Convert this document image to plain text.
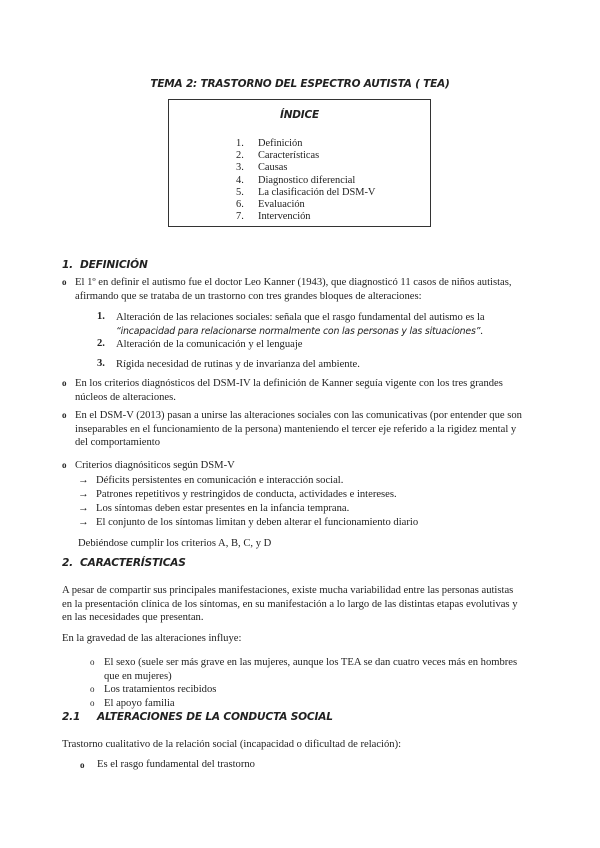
TEMA 2: TRASTORNO DEL ESPECTRO AUTISTA ( TEA)
ÍNDICE
1. Definición
2. Características
3. Causas
4. Diagnostico diferencial
5. La clasificación del DSM-V
6. Evaluación
7. Intervención
1. DEFINICIÓN
o El 1º en definir el autismo fue el doctor Leo Kanner (1943), que diagnosticó 11 casos de niños autistas,
afirmando que se trataba de un trastorno con tres grandes bloques de alteraciones:
1. Alteración de las relaciones sociales: señala que el rasgo fundamental del autismo es la
“incapacidad para relacionarse normalmente con las personas y las situaciones”.
2. Alteración de la comunicación y el lenguaje
3. Rígida necesidad de rutinas y de invarianza del ambiente.
o En los criterios diagnósticos del DSM-IV la definición de Kanner seguía vigente con los tres grandes
núcleos de alteraciones.
o En el DSM-V (2013) pasan a unirse las alteraciones sociales con las comunicativas (por entender que son
inseparables en el funcionamiento de la persona) manteniendo el tercer eje referido a la rigidez mental y
del comportamiento
o Criterios diagnósiticos según DSM-V
→ Déficits persistentes en comunicación e interacción social.
→ Patrones repetitivos y restringidos de conducta, actividades e intereses.
→ Los síntomas deben estar presentes en la infancia temprana.
→ El conjunto de los síntomas limitan y deben alterar el funcionamiento diario
Debiéndose cumplir los criterios A, B, C, y D
2. CARACTERÍSTICAS
A pesar de compartir sus principales manifestaciones, existe mucha variabilidad entre las personas autistas
en la presentación clínica de los síntomas, en su manifestación a lo largo de las distintas etapas evolutivas y
en las necesidades que presentan.
En la gravedad de las alteraciones influye:
o El sexo (suele ser más grave en las mujeres, aunque los TEA se dan cuatro veces más en hombres
que en mujeres)
o Los tratamientos recibidos
o El apoyo familia
2.1 ALTERACIONES DE LA CONDUCTA SOCIAL
Trastorno cualitativo de la relación social (incapacidad o dificultad de relación):
o Es el rasgo fundamental del trastorno
